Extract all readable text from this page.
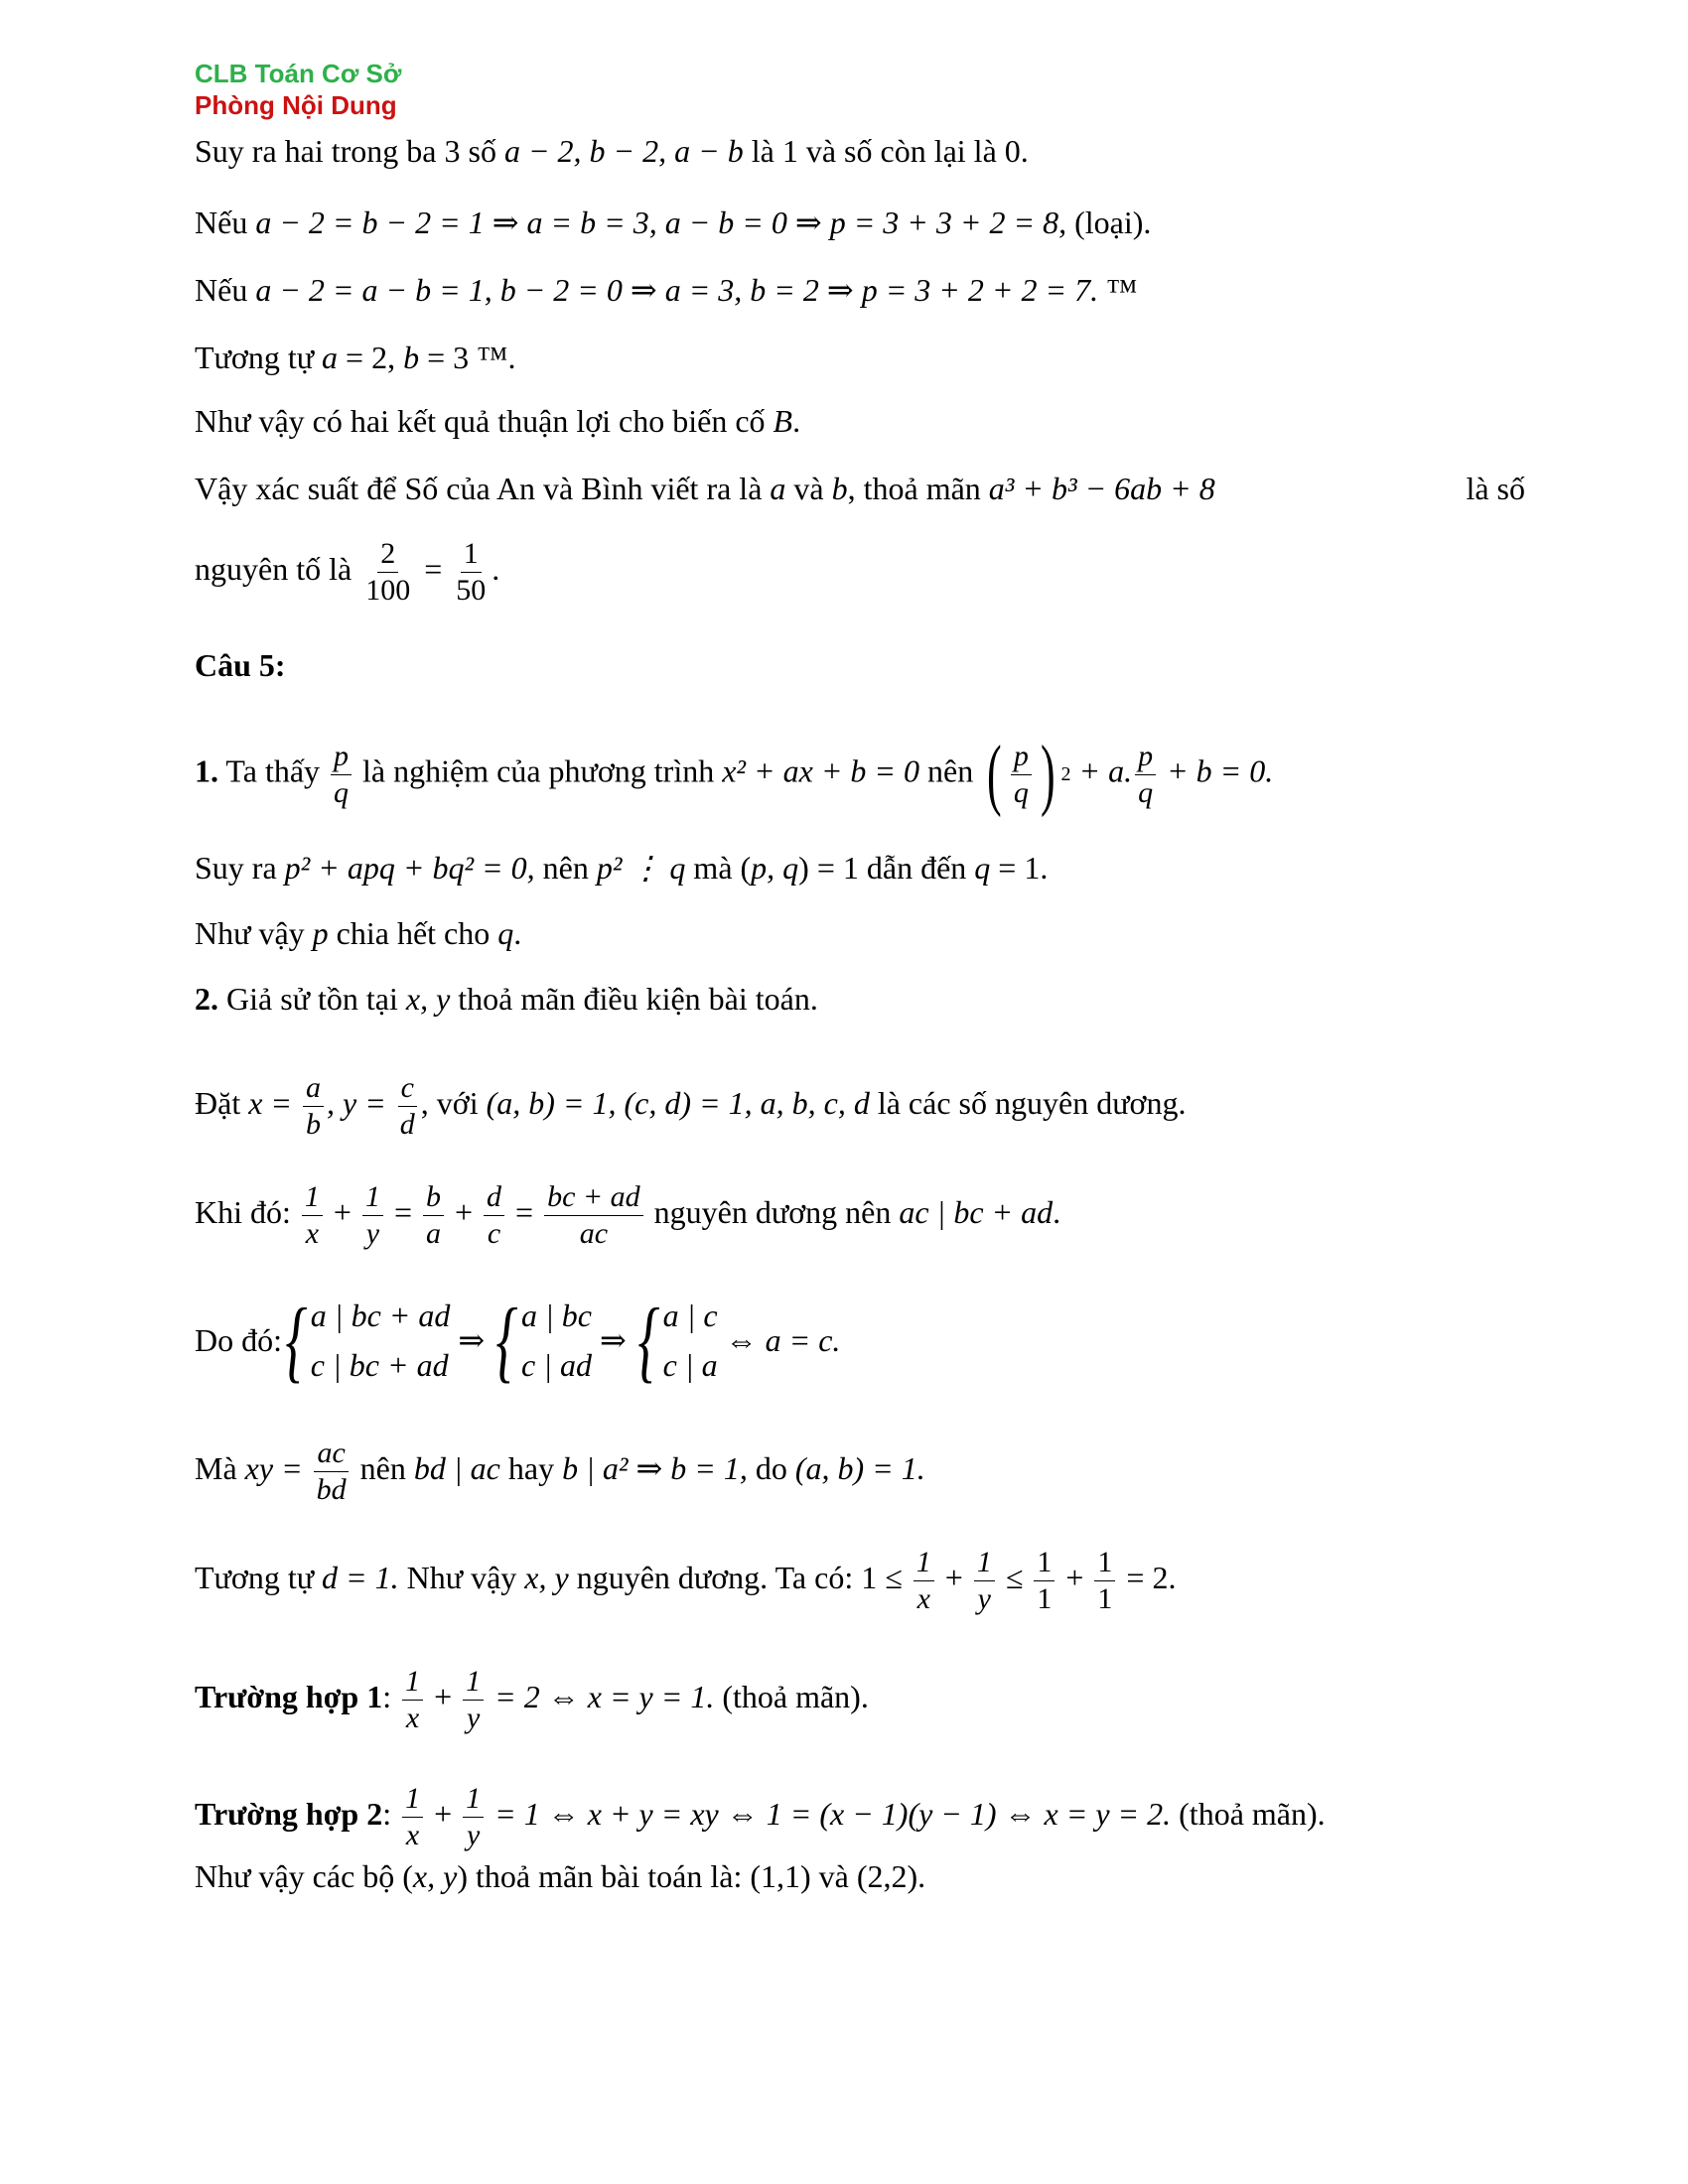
CLB Toán Cơ Sở
Phòng Nội Dung
Suy ra hai trong ba 3 số a − 2, b − 2, a − b là 1 và số còn lại là 0.
Nếu a − 2 = b − 2 = 1 ⇒ a = b = 3, a − b = 0 ⇒ p = 3 + 3 + 2 = 8, (loại).
Nếu a − 2 = a − b = 1, b − 2 = 0 ⇒ a = 3, b = 2 ⇒ p = 3 + 2 + 2 = 7. ™
Tương tự a = 2, b = 3 ™.
Như vậy có hai kết quả thuận lợi cho biến cố B.
Vậy xác suất để Số của An và Bình viết ra là a và b, thoả mãn a³ + b³ − 6ab + 8	là số
nguyên tố là $\frac{2}{100} = \frac{1}{50}$ .
Câu 5:
1. Ta thấy $\frac{p}{q}$ là nghiệm của phương trình x² + ax + b = 0 nên ( $\frac{p}{q}$ ) 2 + a. $\frac{p}{q} + b = 0$.
Suy ra p² + apq + bq² = 0, nên p² ⋮ q mà (p, q) = 1 dẫn đến q = 1.
Như vậy p chia hết cho q.
2. Giả sử tồn tại x, y thoả mãn điều kiện bài toán.
Đặt $x = \frac{a}{b}$ , $y = \frac{c}{d}$ , với (a, b) = 1, (c, d) = 1, a, b, c, d là các số nguyên dương.
Khi đó: $\frac{1}{x} + \frac{1}{y} = \frac{b}{a} + \frac{d}{c} = \frac{bc + ad}{ac}$ nguyên dương nên ac | bc + ad.
Do đó: { a | bc + ad
c | bc + ad
⇒ { a | bc
c | ad
⇒ { a | c
c | a
⇔ a = c.
Mà xy = $\frac{ac}{bd}$ nên bd | ac hay b | a² ⇒ b = 1, do (a, b) = 1.
Tương tự d = 1. Như vậy x, y nguyên dương. Ta có: $1 \le \frac{1}{x} + \frac{1}{y} \le \frac{1}{1} + \frac{1}{1} = 2$.
Trường hợp 1: $\frac{1}{x} + \frac{1}{y} = 2$ ⇔ x = y = 1. (thoả mãn).
Trường hợp 2: $\frac{1}{x} + \frac{1}{y} = 1$ ⇔ x + y = xy ⇔ 1 = (x − 1)(y − 1) ⇔ x = y = 2. (thoả mãn).
Như vậy các bộ (x, y) thoả mãn bài toán là: (1,1) và (2,2).
